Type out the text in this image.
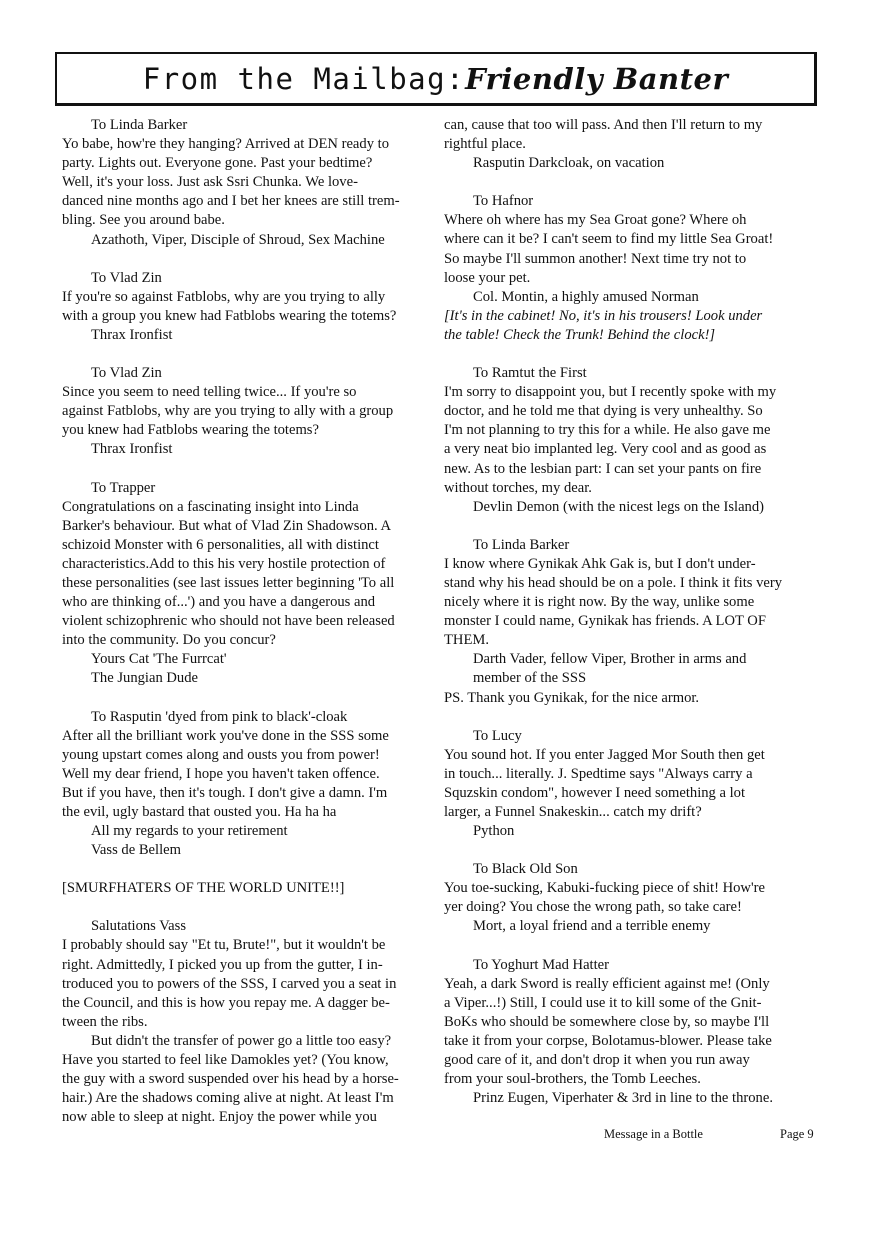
From the Mailbag:Friendly Banter
To Linda Barker
Yo babe, how're they hanging? Arrived at DEN ready to
party. Lights out. Everyone gone. Past your bedtime?
Well, it's your loss. Just ask Ssri Chunka. We love-
danced nine months ago and I bet her knees are still trem-
bling. See you around babe.
Azathoth, Viper, Disciple of Shroud, Sex Machine
To Vlad Zin
If you're so against Fatblobs, why are you trying to ally
with a group you knew had Fatblobs wearing the totems?
Thrax Ironfist
To Vlad Zin
Since you seem to need telling twice... If you're so
against Fatblobs, why are you trying to ally with a group
you knew had Fatblobs wearing the totems?
Thrax Ironfist
To Trapper
Congratulations on a fascinating insight into Linda
Barker's behaviour. But what of Vlad Zin Shadowson. A
schizoid Monster with 6 personalities, all with distinct
characteristics.Add to this his very hostile protection of
these personalities (see last issues letter beginning 'To all
who are thinking of...') and you have a dangerous and
violent schizophrenic who should not have been released
into the community. Do you concur?
Yours Cat 'The Furrcat'
The Jungian Dude
To Rasputin 'dyed from pink to black'-cloak
After all the brilliant work you've done in the SSS some
young upstart comes along and ousts you from power!
Well my dear friend, I hope you haven't taken offence.
But if you have, then it's tough. I don't give a damn. I'm
the evil, ugly bastard that ousted you. Ha ha ha
All my regards to your retirement
Vass de Bellem
[SMURFHATERS OF THE WORLD UNITE!!]
Salutations Vass
I probably should say "Et tu, Brute!", but it wouldn't be
right. Admittedly, I picked you up from the gutter, I in-
troduced you to powers of the SSS, I carved you a seat in
the Council, and this is how you repay me. A dagger be-
tween the ribs.
But didn't the transfer of power go a little too easy?
Have you started to feel like Damokles yet? (You know,
the guy with a sword suspended over his head by a horse-
hair.) Are the shadows coming alive at night. At least I'm
now able to sleep at night. Enjoy the power while you
can, cause that too will pass. And then I'll return to my
rightful place.
Rasputin Darkcloak, on vacation
To Hafnor
Where oh where has my Sea Groat gone? Where oh
where can it be? I can't seem to find my little Sea Groat!
So maybe I'll summon another! Next time try not to
loose your pet.
Col. Montin, a highly amused Norman
[It's in the cabinet! No, it's in his trousers! Look under
the table! Check the Trunk! Behind the clock!]
To Ramtut the First
I'm sorry to disappoint you, but I recently spoke with my
doctor, and he told me that dying is very unhealthy. So
I'm not planning to try this for a while. He also gave me
a very neat bio implanted leg. Very cool and as good as
new. As to the lesbian part: I can set your pants on fire
without torches, my dear.
Devlin Demon (with the nicest legs on the Island)
To Linda Barker
I know where Gynikak Ahk Gak is, but I don't under-
stand why his head should be on a pole. I think it fits very
nicely where it is right now. By the way, unlike some
monster I could name, Gynikak has friends. A LOT OF
THEM.
Darth Vader, fellow Viper, Brother in arms and
member of the SSS
PS. Thank you Gynikak, for the nice armor.
To Lucy
You sound hot. If you enter Jagged Mor South then get
in touch... literally. J. Spedtime says "Always carry a
Squzskin condom", however I need something a lot
larger, a Funnel Snakeskin... catch my drift?
Python
To Black Old Son
You toe-sucking, Kabuki-fucking piece of shit! How're
yer doing? You chose the wrong path, so take care!
Mort, a loyal friend and a terrible enemy
To Yoghurt Mad Hatter
Yeah, a dark Sword is really efficient against me! (Only
a Viper...!) Still, I could use it to kill some of the Gnit-
BoKs who should be somewhere close by, so maybe I'll
take it from your corpse, Bolotamus-blower. Please take
good care of it, and don't drop it when you run away
from your soul-brothers, the Tomb Leeches.
Prinz Eugen, Viperhater & 3rd in line to the throne.
Message in a Bottle	Page 9
